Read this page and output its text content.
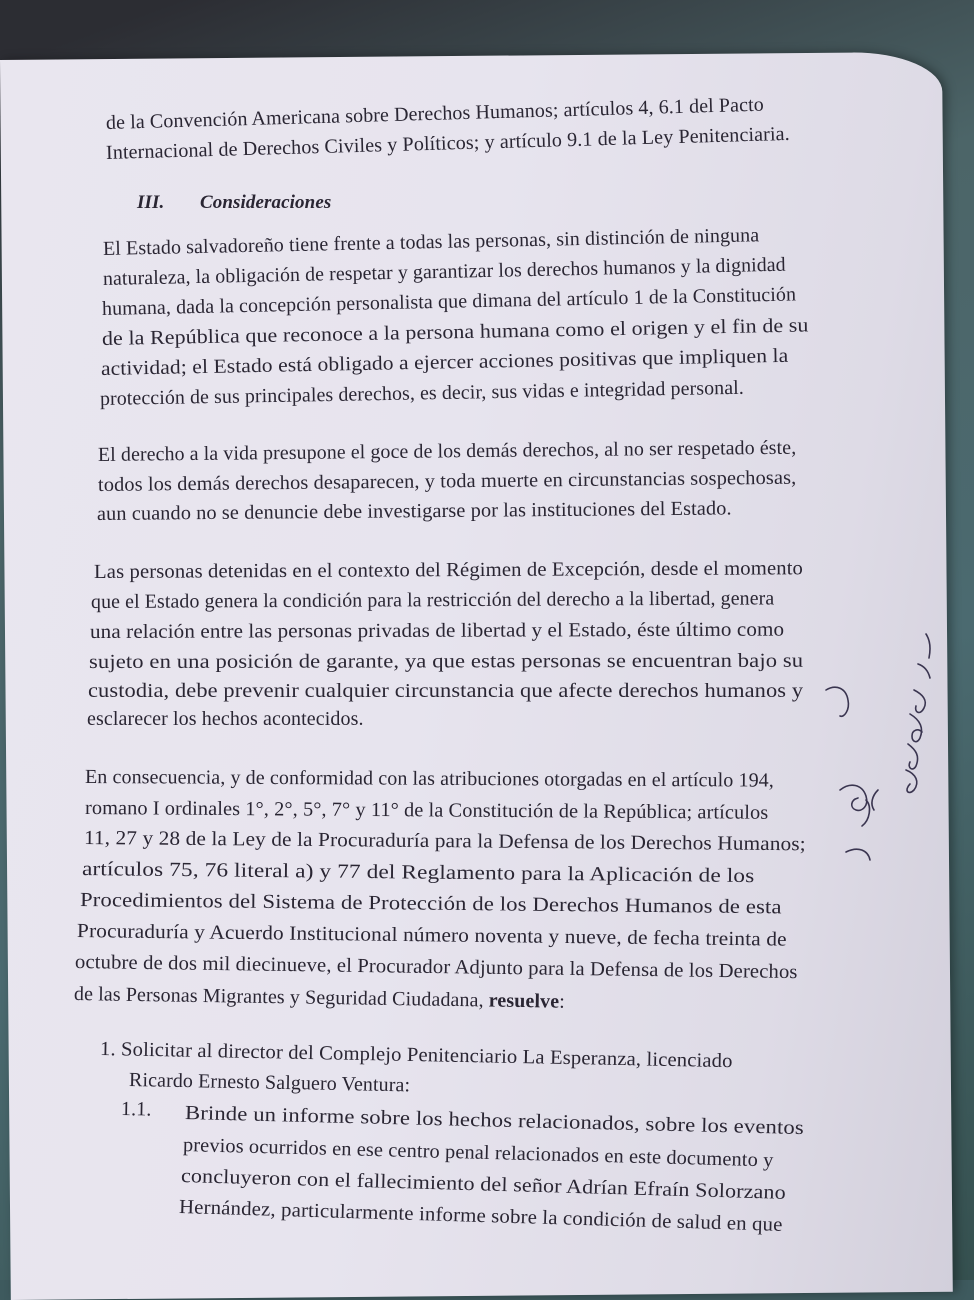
de la Convención Americana sobre Derechos Humanos; artículos 4, 6.1 del Pacto
Internacional de Derechos Civiles y Políticos; y artículo 9.1 de la Ley Penitenciaria.
III. Consideraciones
El Estado salvadoreño tiene frente a todas las personas, sin distinción de ninguna
naturaleza, la obligación de respetar y garantizar los derechos humanos y la dignidad
humana, dada la concepción personalista que dimana del artículo 1 de la Constitución
de la República que reconoce a la persona humana como el origen y el fin de su
actividad; el Estado está obligado a ejercer acciones positivas que impliquen la
protección de sus principales derechos, es decir, sus vidas e integridad personal.
El derecho a la vida presupone el goce de los demás derechos, al no ser respetado éste,
todos los demás derechos desaparecen, y toda muerte en circunstancias sospechosas,
aun cuando no se denuncie debe investigarse por las instituciones del Estado.
Las personas detenidas en el contexto del Régimen de Excepción, desde el momento
que el Estado genera la condición para la restricción del derecho a la libertad, genera
una relación entre las personas privadas de libertad y el Estado, éste último como
sujeto en una posición de garante, ya que estas personas se encuentran bajo su
custodia, debe prevenir cualquier circunstancia que afecte derechos humanos y
esclarecer los hechos acontecidos.
En consecuencia, y de conformidad con las atribuciones otorgadas en el artículo 194,
romano I ordinales 1°, 2°, 5°, 7° y 11° de la Constitución de la República; artículos
11, 27 y 28 de la Ley de la Procuraduría para la Defensa de los Derechos Humanos;
artículos 75, 76 literal a) y 77 del Reglamento para la Aplicación de los
Procedimientos del Sistema de Protección de los Derechos Humanos de esta
Procuraduría y Acuerdo Institucional número noventa y nueve, de fecha treinta de
octubre de dos mil diecinueve, el Procurador Adjunto para la Defensa de los Derechos
de las Personas Migrantes y Seguridad Ciudadana, resuelve:
1. Solicitar al director del Complejo Penitenciario La Esperanza, licenciado
Ricardo Ernesto Salguero Ventura:
1.1. Brinde un informe sobre los hechos relacionados, sobre los eventos
previos ocurridos en ese centro penal relacionados en este documento y
concluyeron con el fallecimiento del señor Adrían Efraín Solorzano
Hernández, particularmente informe sobre la condición de salud en que
